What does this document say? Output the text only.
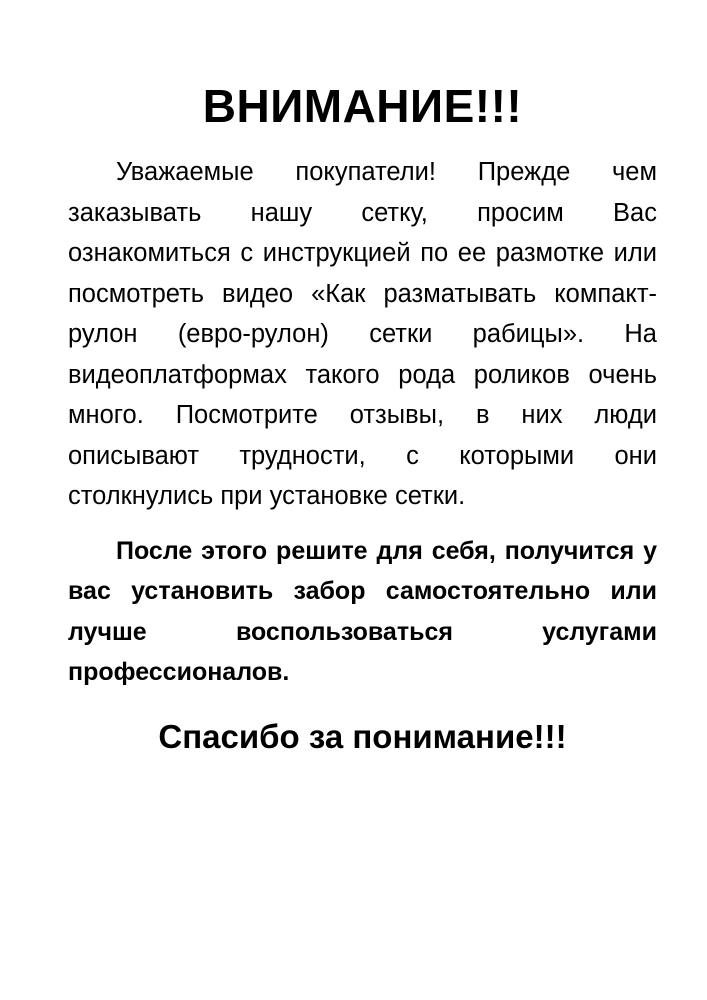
ВНИМАНИЕ!!!

Уважаемые покупатели! Прежде чем заказывать нашу сетку, просим Вас ознакомиться с инструкцией по ее размотке или посмотреть видео «Как разматывать компакт-рулон (евро-рулон) сетки рабицы». На видеоплатформах такого рода роликов очень много. Посмотрите отзывы, в них люди описывают трудности, с которыми они столкнулись при установке сетки.

После этого решите для себя, получится у вас установить забор самостоятельно или лучше воспользоваться услугами профессионалов.

Спасибо за понимание!!!
